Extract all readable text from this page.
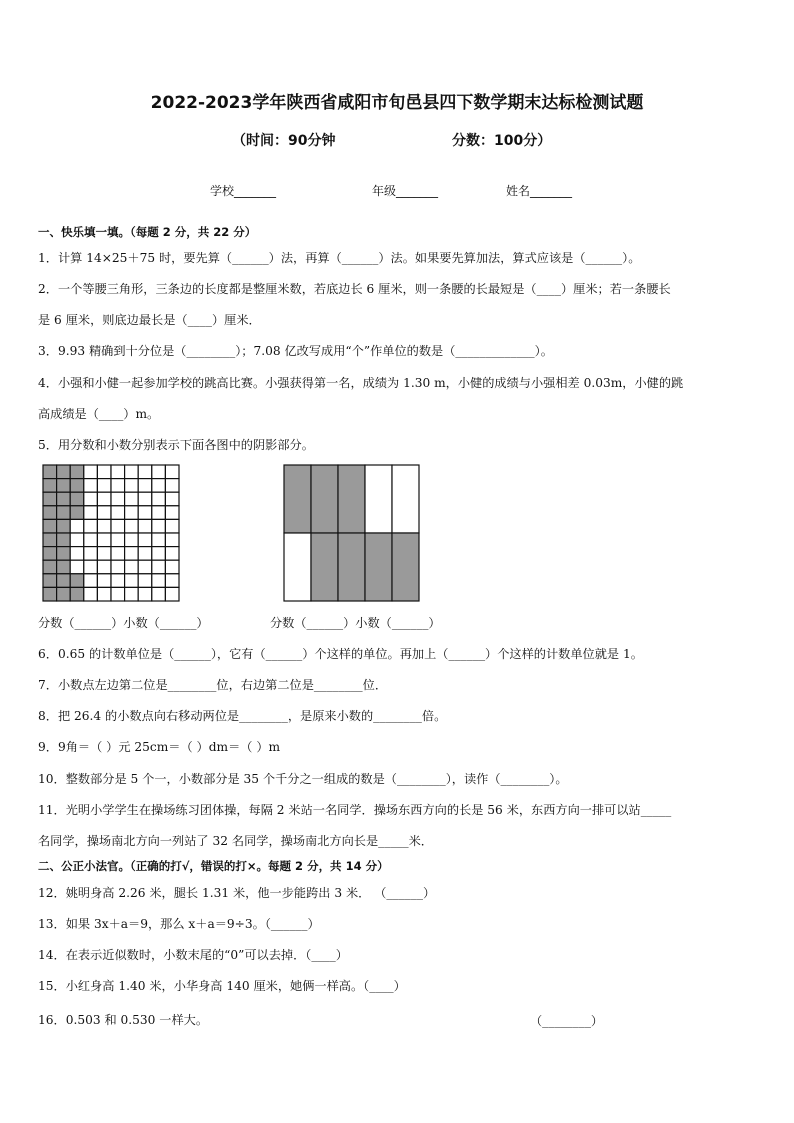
2022-2023学年陕西省咸阳市旬邑县四下数学期末达标检测试题
（时间：90分钟	分数：100分）
学校_______	年级_______	姓名_______
一、快乐填一填。（每题 2 分，共 22 分）
1．计算 14×25＋75 时，要先算（______）法，再算（______）法。如果要先算加法，算式应该是（______）。
2．一个等腰三角形，三条边的长度都是整厘米数，若底边长 6 厘米，则一条腰的长最短是（____）厘米；若一条腰长
是 6 厘米，则底边最长是（____）厘米．
3．9.93 精确到十分位是（________）；7.08 亿改写成用“个”作单位的数是（_____________）。
4．小强和小健一起参加学校的跳高比赛。小强获得第一名，成绩为 1.30 m，小健的成绩与小强相差 0.03m，小健的跳
高成绩是（____）m。
5．用分数和小数分别表示下面各图中的阴影部分。
分数（______）小数（______）	分数（______）小数（______）
6．0.65 的计数单位是（______），它有（______）个这样的单位。再加上（______）个这样的计数单位就是 1。
7．小数点左边第二位是________位，右边第二位是________位．
8．把 26.4 的小数点向右移动两位是________，是原来小数的________倍。
9．9角＝（ ）元 25cm＝（ ）dm＝（ ）m
10．整数部分是 5 个一，小数部分是 35 个千分之一组成的数是（________），读作（________）。
11．光明小学学生在操场练习团体操，每隔 2 米站一名同学．操场东西方向的长是 56 米，东西方向一排可以站_____
名同学，操场南北方向一列站了 32 名同学，操场南北方向长是_____米．
二、公正小法官。（正确的打√，错误的打×。每题 2 分，共 14 分）
12．姚明身高 2.26 米，腿长 1.31 米，他一步能跨出 3 米． （______）
13．如果 3x＋a＝9，那么 x＋a＝9÷3。（______）
14．在表示近似数时，小数末尾的“0”可以去掉．（____）
15．小红身高 1.40 米，小华身高 140 厘米，她俩一样高。（____）
16．0.503 和 0.530 一样大。	（________）
